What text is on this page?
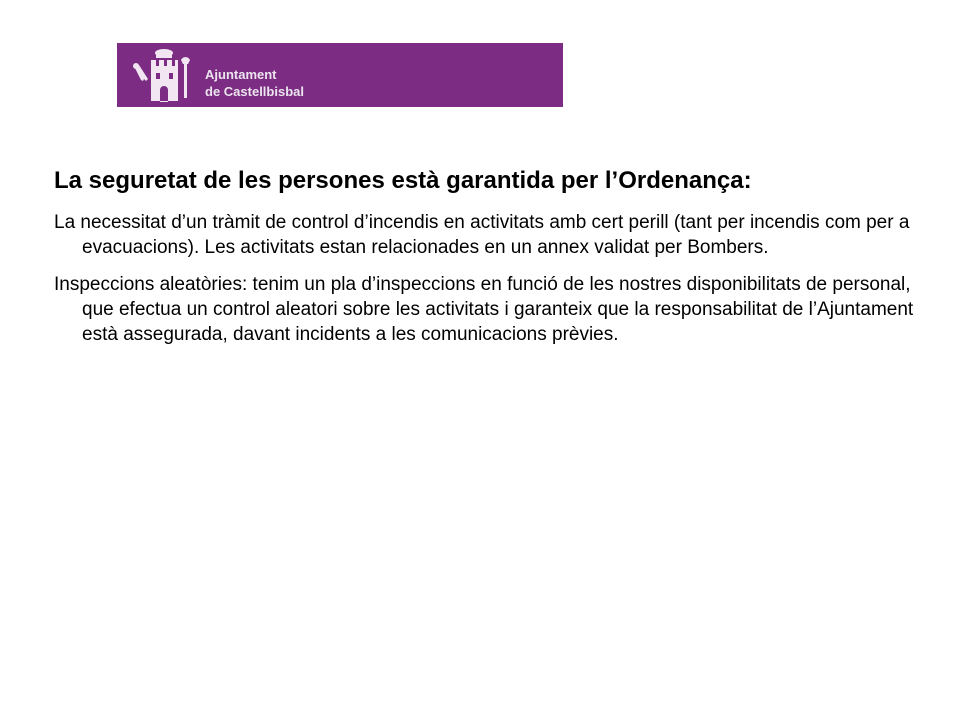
Ajuntament
de Castellbisbal

La seguretat de les persones està garantida per l’Ordenança:

La necessitat d’un tràmit de control d’incendis en activitats amb cert perill (tant per incendis com per a evacuacions). Les activitats estan relacionades en un annex validat per Bombers.

Inspeccions aleatòries: tenim un pla d’inspeccions en funció de les nostres disponibilitats de personal, que efectua un control aleatori sobre les activitats i garanteix que la responsabilitat de l’Ajuntament està assegurada, davant incidents a les comunicacions prèvies.
